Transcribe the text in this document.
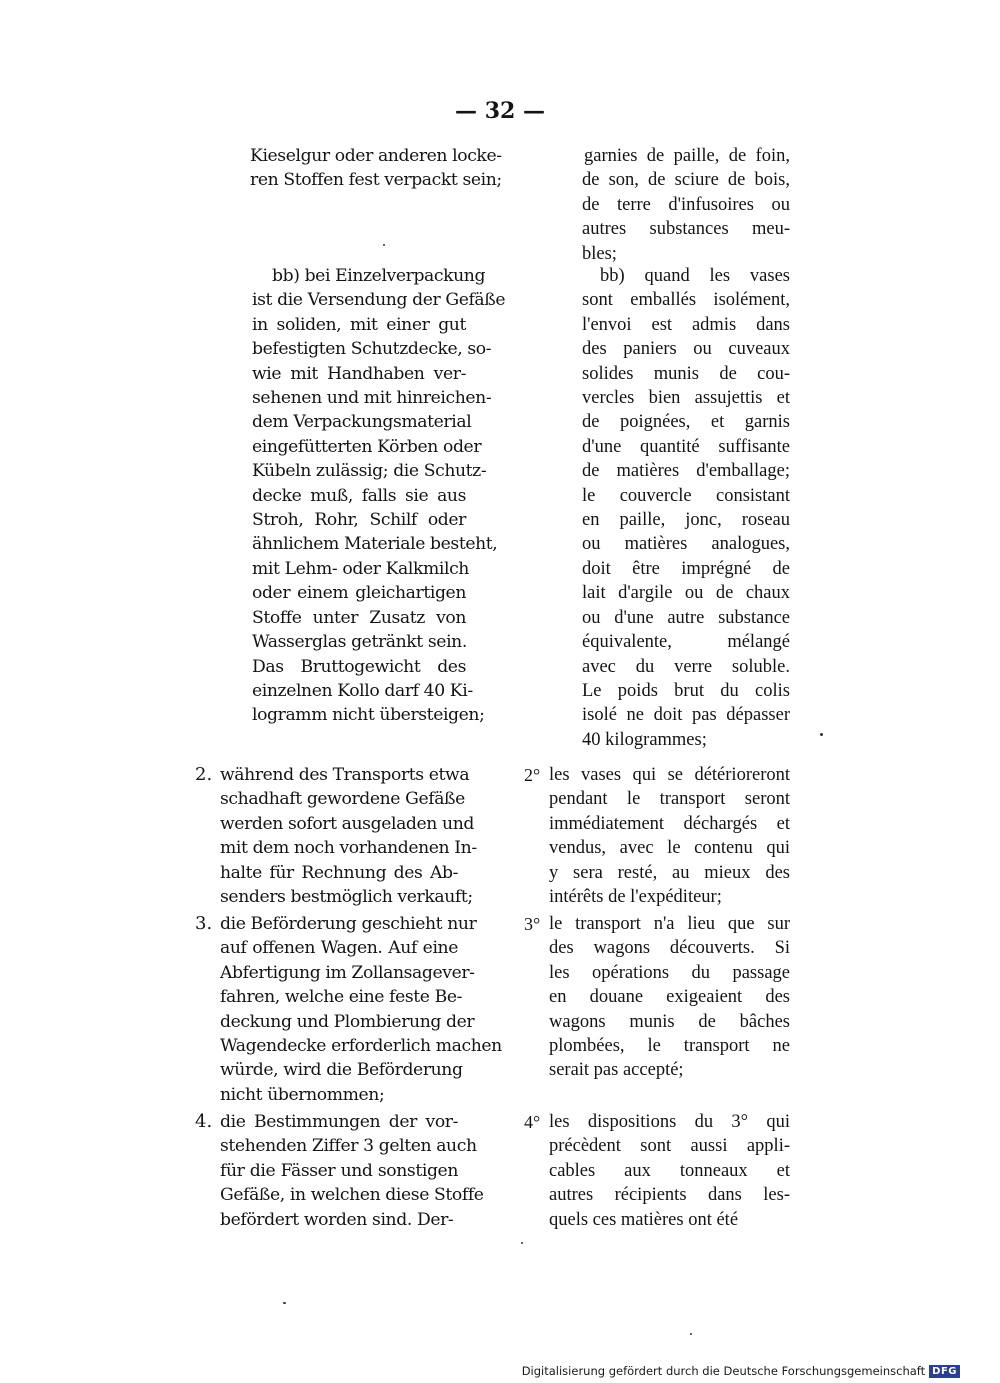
— 32 —
Kieselgur oder anderen locke-
ren Stoffen fest verpackt sein;
bb) bei Einzelverpackung
ist die Versendung der Gefäße
in soliden, mit einer gut
befestigten Schutzdecke, so-
wie mit Handhaben ver-
sehenen und mit hinreichen-
dem Verpackungsmaterial
eingefütterten Körben oder
Kübeln zulässig; die Schutz-
decke muß, falls sie aus
Stroh, Rohr, Schilf oder
ähnlichem Materiale besteht,
mit Lehm- oder Kalkmilch
oder einem gleichartigen
Stoffe unter Zusatz von
Wasserglas getränkt sein.
Das Bruttogewicht des
einzelnen Kollo darf 40 Ki-
logramm nicht übersteigen;
2. während des Transports etwa
schadhaft gewordene Gefäße
werden sofort ausgeladen und
mit dem noch vorhandenen In-
halte für Rechnung des Ab-
senders bestmöglich verkauft;
3. die Beförderung geschieht nur
auf offenen Wagen. Auf eine
Abfertigung im Zollansagever-
fahren, welche eine feste Be-
deckung und Plombierung der
Wagendecke erforderlich machen
würde, wird die Beförderung
nicht übernommen;
4. die Bestimmungen der vor-
stehenden Ziffer 3 gelten auch
für die Fässer und sonstigen
Gefäße, in welchen diese Stoffe
befördert worden sind. Der-
garnies de paille, de foin,
de son, de sciure de bois,
de terre d'infusoires ou
autres substances meu-
bles;
bb) quand les vases
sont emballés isolément,
l'envoi est admis dans
des paniers ou cuveaux
solides munis de cou-
vercles bien assujettis et
de poignées, et garnis
d'une quantité suffisante
de matières d'emballage;
le couvercle consistant
en paille, jonc, roseau
ou matières analogues,
doit être imprégné de
lait d'argile ou de chaux
ou d'une autre substance
équivalente, mélangé
avec du verre soluble.
Le poids brut du colis
isolé ne doit pas dépasser
40 kilogrammes;
2° les vases qui se détérioreront
pendant le transport seront
immédiatement déchargés et
vendus, avec le contenu qui
y sera resté, au mieux des
intérêts de l'expéditeur;
3° le transport n'a lieu que sur
des wagons découverts. Si
les opérations du passage
en douane exigeaient des
wagons munis de bâches
plombées, le transport ne
serait pas accepté;
4° les dispositions du 3° qui
précèdent sont aussi appli-
cables aux tonneaux et
autres récipients dans les-
quels ces matières ont été
Digitalisierung gefördert durch die Deutsche Forschungsgemeinschaft DFG
